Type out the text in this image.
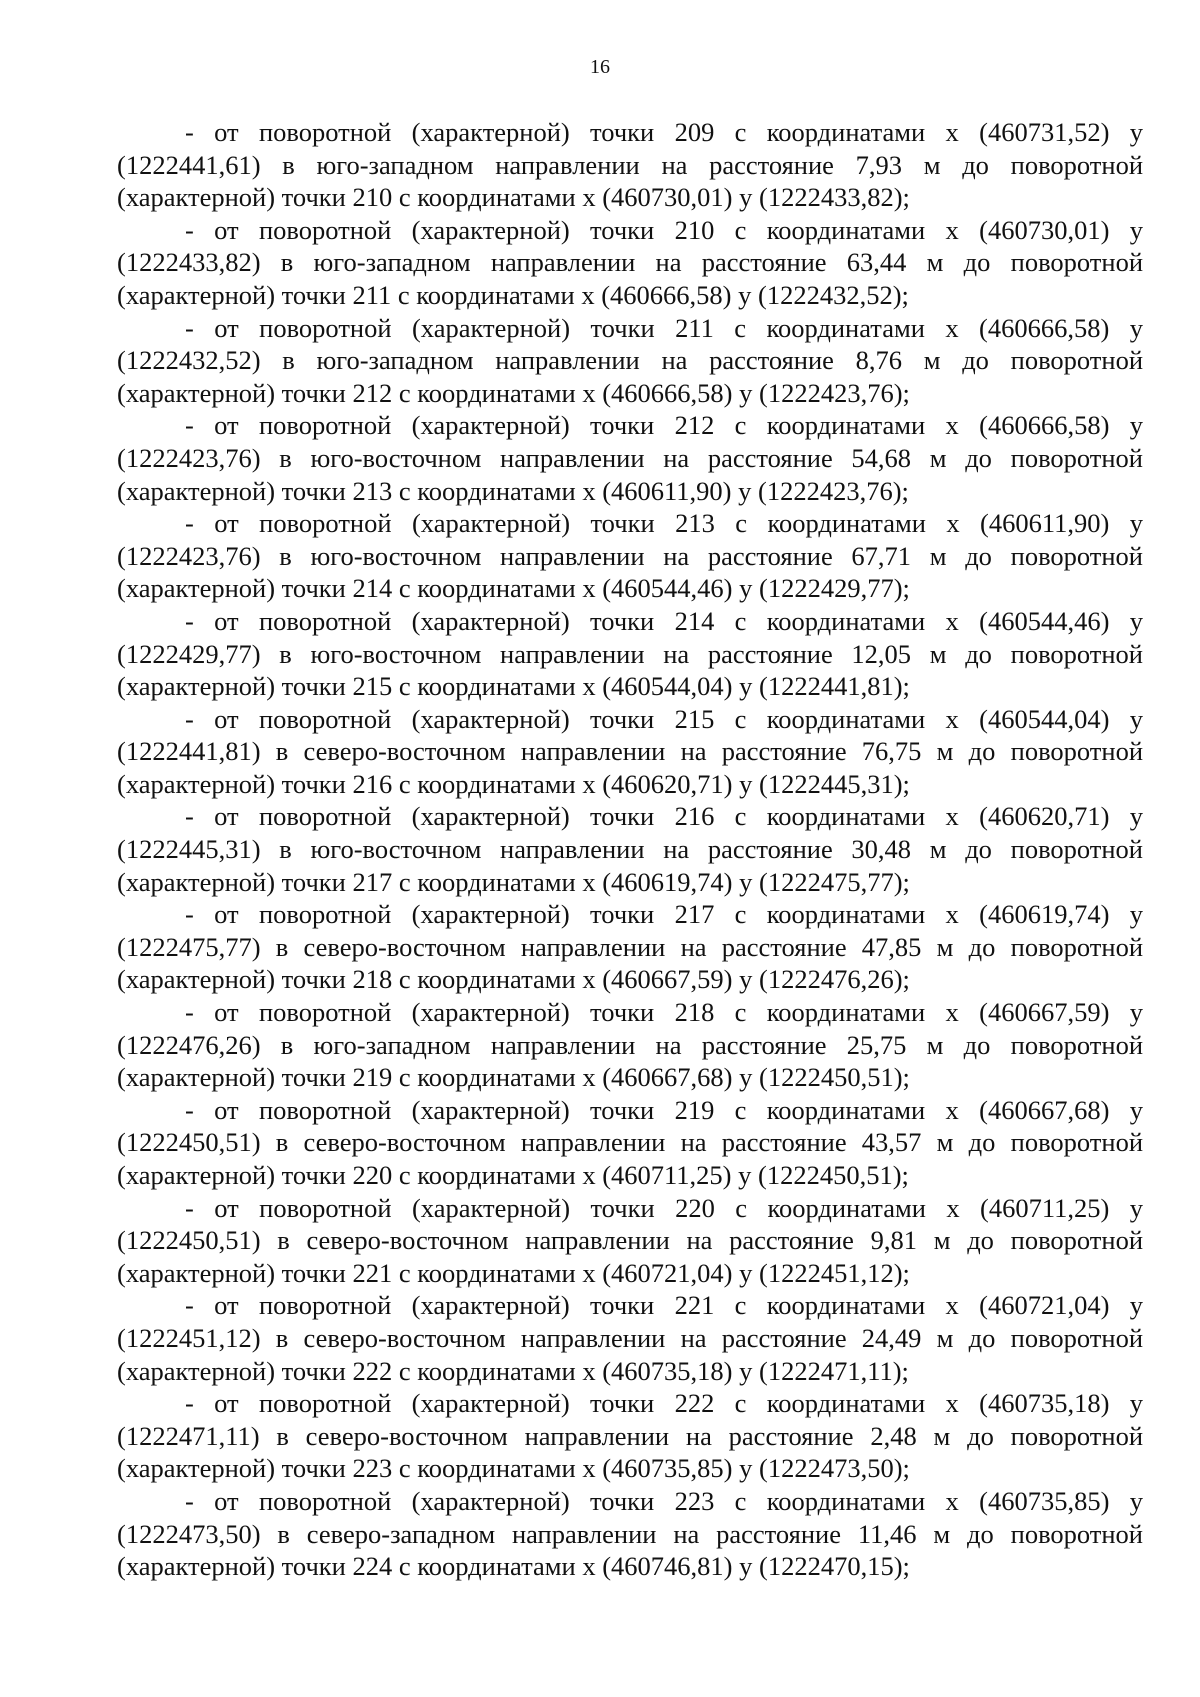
16

- от поворотной (характерной) точки 209 с координатами x (460731,52) y (1222441,61) в юго-западном направлении на расстояние 7,93 м до поворотной (характерной) точки 210 с координатами x (460730,01) y (1222433,82);

- от поворотной (характерной) точки 210 с координатами x (460730,01) y (1222433,82) в юго-западном направлении на расстояние 63,44 м до поворотной (характерной) точки 211 с координатами x (460666,58) y (1222432,52);

- от поворотной (характерной) точки 211 с координатами x (460666,58) y (1222432,52) в юго-западном направлении на расстояние 8,76 м до поворотной (характерной) точки 212 с координатами x (460666,58) y (1222423,76);

- от поворотной (характерной) точки 212 с координатами x (460666,58) y (1222423,76) в юго-восточном направлении на расстояние 54,68 м до поворотной (характерной) точки 213 с координатами x (460611,90) y (1222423,76);

- от поворотной (характерной) точки 213 с координатами x (460611,90) y (1222423,76) в юго-восточном направлении на расстояние 67,71 м до поворотной (характерной) точки 214 с координатами x (460544,46) y (1222429,77);

- от поворотной (характерной) точки 214 с координатами x (460544,46) y (1222429,77) в юго-восточном направлении на расстояние 12,05 м до поворотной (характерной) точки 215 с координатами x (460544,04) y (1222441,81);

- от поворотной (характерной) точки 215 с координатами x (460544,04) y (1222441,81) в северо-восточном направлении на расстояние 76,75 м до поворотной (характерной) точки 216 с координатами x (460620,71) y (1222445,31);

- от поворотной (характерной) точки 216 с координатами x (460620,71) y (1222445,31) в юго-восточном направлении на расстояние 30,48 м до поворотной (характерной) точки 217 с координатами x (460619,74) y (1222475,77);

- от поворотной (характерной) точки 217 с координатами x (460619,74) y (1222475,77) в северо-восточном направлении на расстояние 47,85 м до поворотной (характерной) точки 218 с координатами x (460667,59) y (1222476,26);

- от поворотной (характерной) точки 218 с координатами x (460667,59) y (1222476,26) в юго-западном направлении на расстояние 25,75 м до поворотной (характерной) точки 219 с координатами x (460667,68) y (1222450,51);

- от поворотной (характерной) точки 219 с координатами x (460667,68) y (1222450,51) в северо-восточном направлении на расстояние 43,57 м до поворотной (характерной) точки 220 с координатами x (460711,25) y (1222450,51);

- от поворотной (характерной) точки 220 с координатами x (460711,25) y (1222450,51) в северо-восточном направлении на расстояние 9,81 м до поворотной (характерной) точки 221 с координатами x (460721,04) y (1222451,12);

- от поворотной (характерной) точки 221 с координатами x (460721,04) y (1222451,12) в северо-восточном направлении на расстояние 24,49 м до поворотной (характерной) точки 222 с координатами x (460735,18) y (1222471,11);

- от поворотной (характерной) точки 222 с координатами x (460735,18) y (1222471,11) в северо-восточном направлении на расстояние 2,48 м до поворотной (характерной) точки 223 с координатами x (460735,85) y (1222473,50);

- от поворотной (характерной) точки 223 с координатами x (460735,85) y (1222473,50) в северо-западном направлении на расстояние 11,46 м до поворотной (характерной) точки 224 с координатами x (460746,81) y (1222470,15);
